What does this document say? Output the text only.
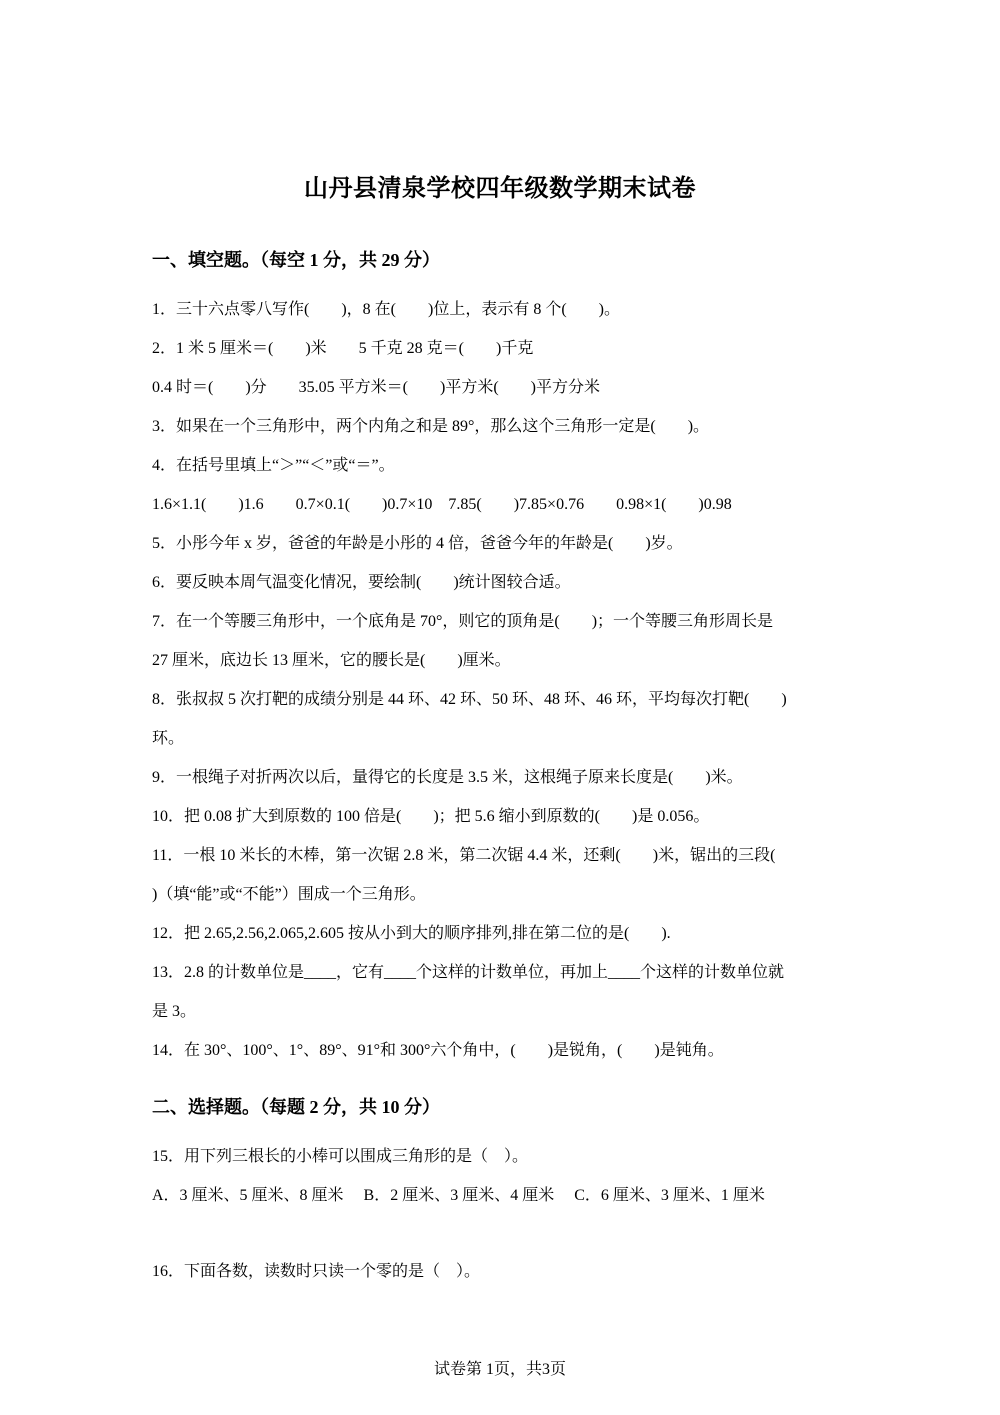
山丹县清泉学校四年级数学期末试卷
一、填空题。（每空 1 分，共 29 分）
1．三十六点零八写作(　　)，8 在(　　)位上，表示有 8 个(　　)。
2．1 米 5 厘米＝(　　)米　　5 千克 28 克＝(　　)千克
0.4 时＝(　　)分　　35.05 平方米＝(　　)平方米(　　)平方分米
3．如果在一个三角形中，两个内角之和是 89°，那么这个三角形一定是(　　)。
4．在括号里填上“＞”“＜”或“＝”。
1.6×1.1(　　)1.6　　0.7×0.1(　　)0.7×10　7.85(　　)7.85×0.76　　0.98×1(　　)0.98
5．小彤今年 x 岁，爸爸的年龄是小彤的 4 倍，爸爸今年的年龄是(　　)岁。
6．要反映本周气温变化情况，要绘制(　　)统计图较合适。
7．在一个等腰三角形中，一个底角是 70°，则它的顶角是(　　)；一个等腰三角形周长是
27 厘米，底边长 13 厘米，它的腰长是(　　)厘米。
8．张叔叔 5 次打靶的成绩分别是 44 环、42 环、50 环、48 环、46 环，平均每次打靶(　　)
环。
9．一根绳子对折两次以后，量得它的长度是 3.5 米，这根绳子原来长度是(　　)米。
10．把 0.08 扩大到原数的 100 倍是(　　)；把 5.6 缩小到原数的(　　)是 0.056。
11．一根 10 米长的木棒，第一次锯 2.8 米，第二次锯 4.4 米，还剩(　　)米，锯出的三段(
)（填“能”或“不能”）围成一个三角形。
12．把 2.65,2.56,2.065,2.605 按从小到大的顺序排列,排在第二位的是(　　).
13．2.8 的计数单位是____，它有____个这样的计数单位，再加上____个这样的计数单位就
是 3。
14．在 30°、100°、1°、89°、91°和 300°六个角中，(　　)是锐角，(　　)是钝角。
二、选择题。（每题 2 分，共 10 分）
15．用下列三根长的小棒可以围成三角形的是（　）。
A．3 厘米、5 厘米、8 厘米　 B．2 厘米、3 厘米、4 厘米　 C．6 厘米、3 厘米、1 厘米
16．下面各数，读数时只读一个零的是（　）。
试卷第 1页，共3页
